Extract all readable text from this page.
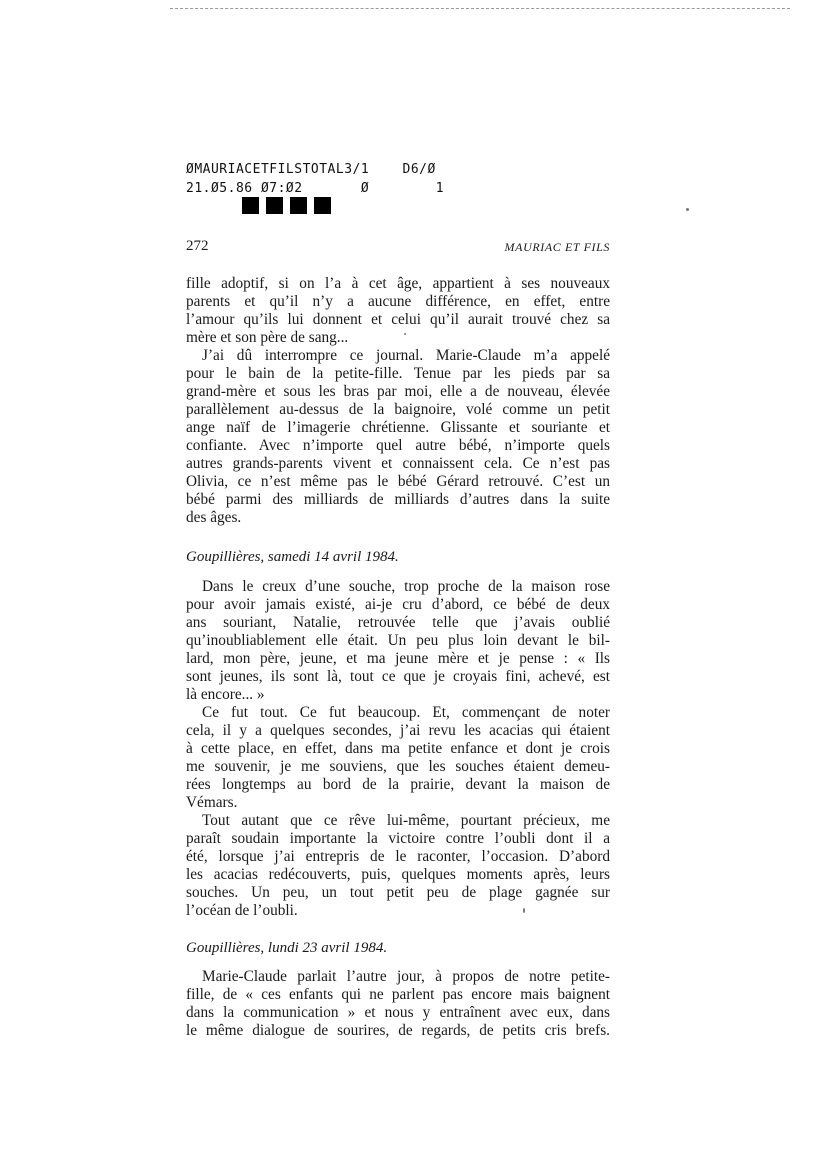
ØMAURIACETFILSTOTAL3/1    D6/Ø
21.Ø5.86 Ø7:Ø2       Ø        1
272	MAURIAC ET FILS
fille adoptif, si on l’a à cet âge, appartient à ses nouveaux
parents et qu’il n’y a aucune différence, en effet, entre
l’amour qu’ils lui donnent et celui qu’il aurait trouvé chez sa
mère et son père de sang...
J’ai dû interrompre ce journal. Marie-Claude m’a appelé
pour le bain de la petite-fille. Tenue par les pieds par sa
grand-mère et sous les bras par moi, elle a de nouveau, élevée
parallèlement au-dessus de la baignoire, volé comme un petit
ange naïf de l’imagerie chrétienne. Glissante et souriante et
confiante. Avec n’importe quel autre bébé, n’importe quels
autres grands-parents vivent et connaissent cela. Ce n’est pas
Olivia, ce n’est même pas le bébé Gérard retrouvé. C’est un
bébé parmi des milliards de milliards d’autres dans la suite
des âges.
Goupillières, samedi 14 avril 1984.
Dans le creux d’une souche, trop proche de la maison rose
pour avoir jamais existé, ai-je cru d’abord, ce bébé de deux
ans souriant, Natalie, retrouvée telle que j’avais oublié
qu’inoubliablement elle était. Un peu plus loin devant le bil-
lard, mon père, jeune, et ma jeune mère et je pense : « Ils
sont jeunes, ils sont là, tout ce que je croyais fini, achevé, est
là encore... »
Ce fut tout. Ce fut beaucoup. Et, commençant de noter
cela, il y a quelques secondes, j’ai revu les acacias qui étaient
à cette place, en effet, dans ma petite enfance et dont je crois
me souvenir, je me souviens, que les souches étaient demeu-
rées longtemps au bord de la prairie, devant la maison de
Vémars.
Tout autant que ce rêve lui-même, pourtant précieux, me
paraît soudain importante la victoire contre l’oubli dont il a
été, lorsque j’ai entrepris de le raconter, l’occasion. D’abord
les acacias redécouverts, puis, quelques moments après, leurs
souches. Un peu, un tout petit peu de plage gagnée sur
l’océan de l’oubli.
Goupillières, lundi 23 avril 1984.
Marie-Claude parlait l’autre jour, à propos de notre petite-
fille, de « ces enfants qui ne parlent pas encore mais baignent
dans la communication » et nous y entraînent avec eux, dans
le même dialogue de sourires, de regards, de petits cris brefs.
